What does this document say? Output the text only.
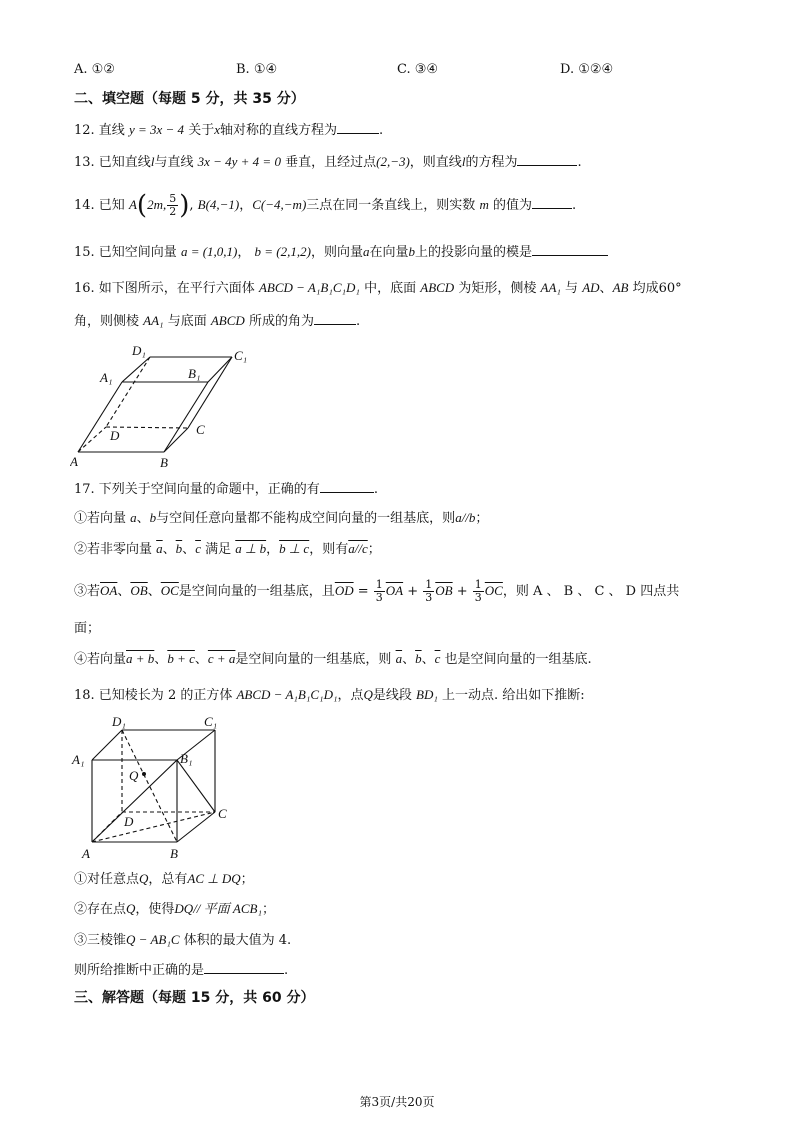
A. ①②	B. ①④	C. ③④	D. ①②④
二、填空题（每题 5 分，共 35 分）
12. 直线 y = 3x − 4 关于x轴对称的直线方程为	.
13. 已知直线l与直线 3x − 4y + 4 = 0 垂直，且经过点(2,−3)，则直线l的方程为	.
14. 已知 A(2m, $\frac{5}{2}$ ), B(4,−1)，C(−4,−m)三点在同一条直线上，则实数 m 的值为	.
15. 已知空间向量 a = (1,0,1)， b = (2,1,2)，则向量a在向量b上的投影向量的模是
16. 如下图所示，在平行六面体 ABCD − A₁B₁C₁D₁ 中，底面 ABCD 为矩形，侧棱 AA₁ 与 AD、AB 均成60°
角，则侧棱 AA₁ 与底面 ABCD 所成的角为	.
D₁	C₁
A₁	B₁
D	C
A	B
17. 下列关于空间向量的命题中，正确的有	.
①若向量 a、b与空间任意向量都不能构成空间向量的一组基底，则a//b；
②若非零向量 $\overline{a}$、$\overline{b}$、$\overline{c}$ 满足 a ⊥ b，b ⊥ c，则有a//c；
③若$\overline{OA}$、$\overline{OB}$、$\overline{OC}$是空间向量的一组基底，且$\overline{OD} = \frac{1}{3} \overline{OA} + \frac{1}{3} \overline{OB} + \frac{1}{3} \overline{OC}$，则 A 、 B 、 C 、 D 四点共
面；
④若向量a + b、b + c、c + a是空间向量的一组基底，则 $\overline{a}$、$\overline{b}$、$\overline{c}$ 也是空间向量的一组基底.
18. 已知棱长为 2 的正方体 ABCD − A₁B₁C₁D₁，点Q是线段 BD₁ 上一动点. 给出如下推断:
D₁	C₁
A₁	B₁
Q
D
C
A	B
①对任意点Q，总有AC ⊥ DQ；
②存在点Q，使得DQ// 平面 ACB₁；
③三棱锥Q − AB₁C 体积的最大值为 4.
则所给推断中正确的是	.
三、解答题（每题 15 分，共 60 分）
第3页/共20页
